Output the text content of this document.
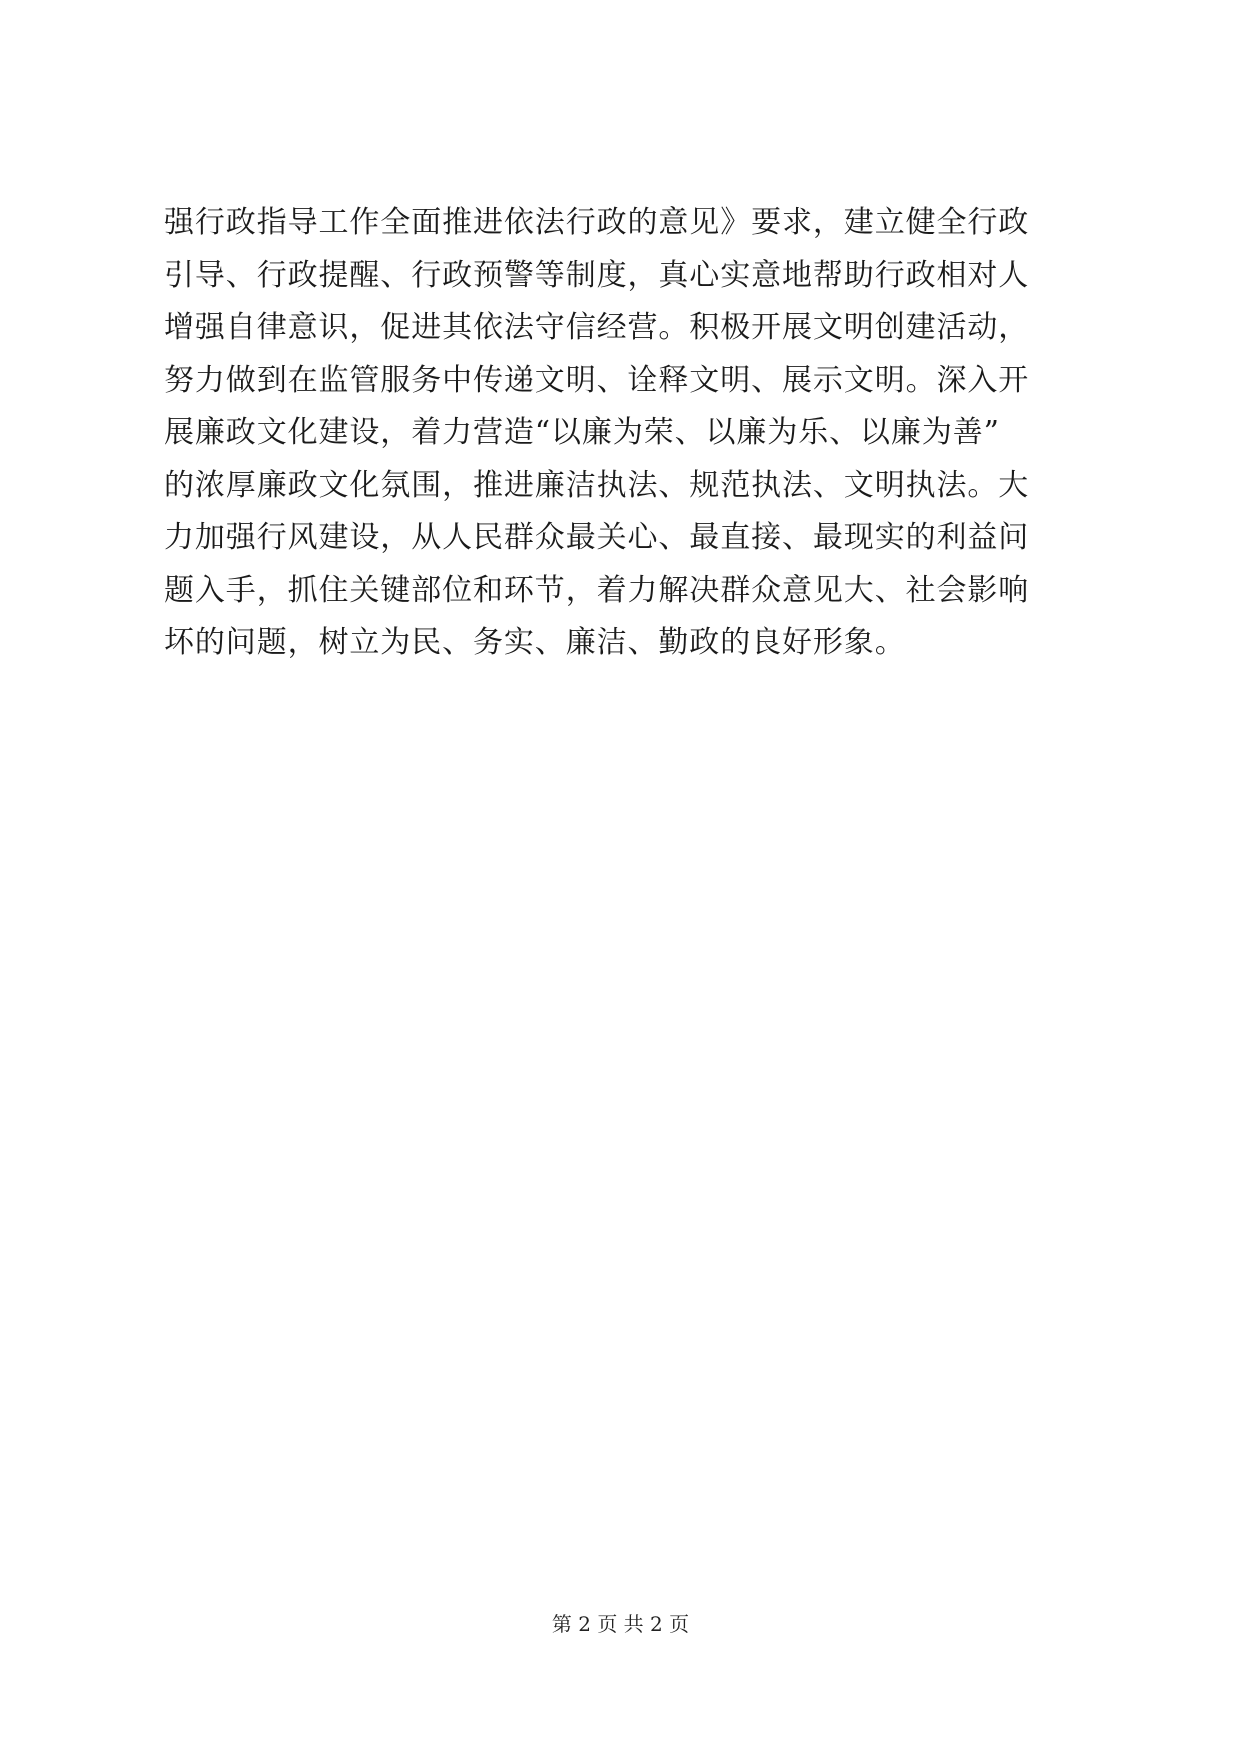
强行政指导工作全面推进依法行政的意见》要求，建立健全行政
引导、行政提醒、行政预警等制度，真心实意地帮助行政相对人
增强自律意识，促进其依法守信经营。积极开展文明创建活动，
努力做到在监管服务中传递文明、诠释文明、展示文明。深入开
展廉政文化建设，着力营造“以廉为荣、以廉为乐、以廉为善”
的浓厚廉政文化氛围，推进廉洁执法、规范执法、文明执法。大
力加强行风建设，从人民群众最关心、最直接、最现实的利益问
题入手，抓住关键部位和环节，着力解决群众意见大、社会影响
坏的问题，树立为民、务实、廉洁、勤政的良好形象。
第 2 页 共 2 页
